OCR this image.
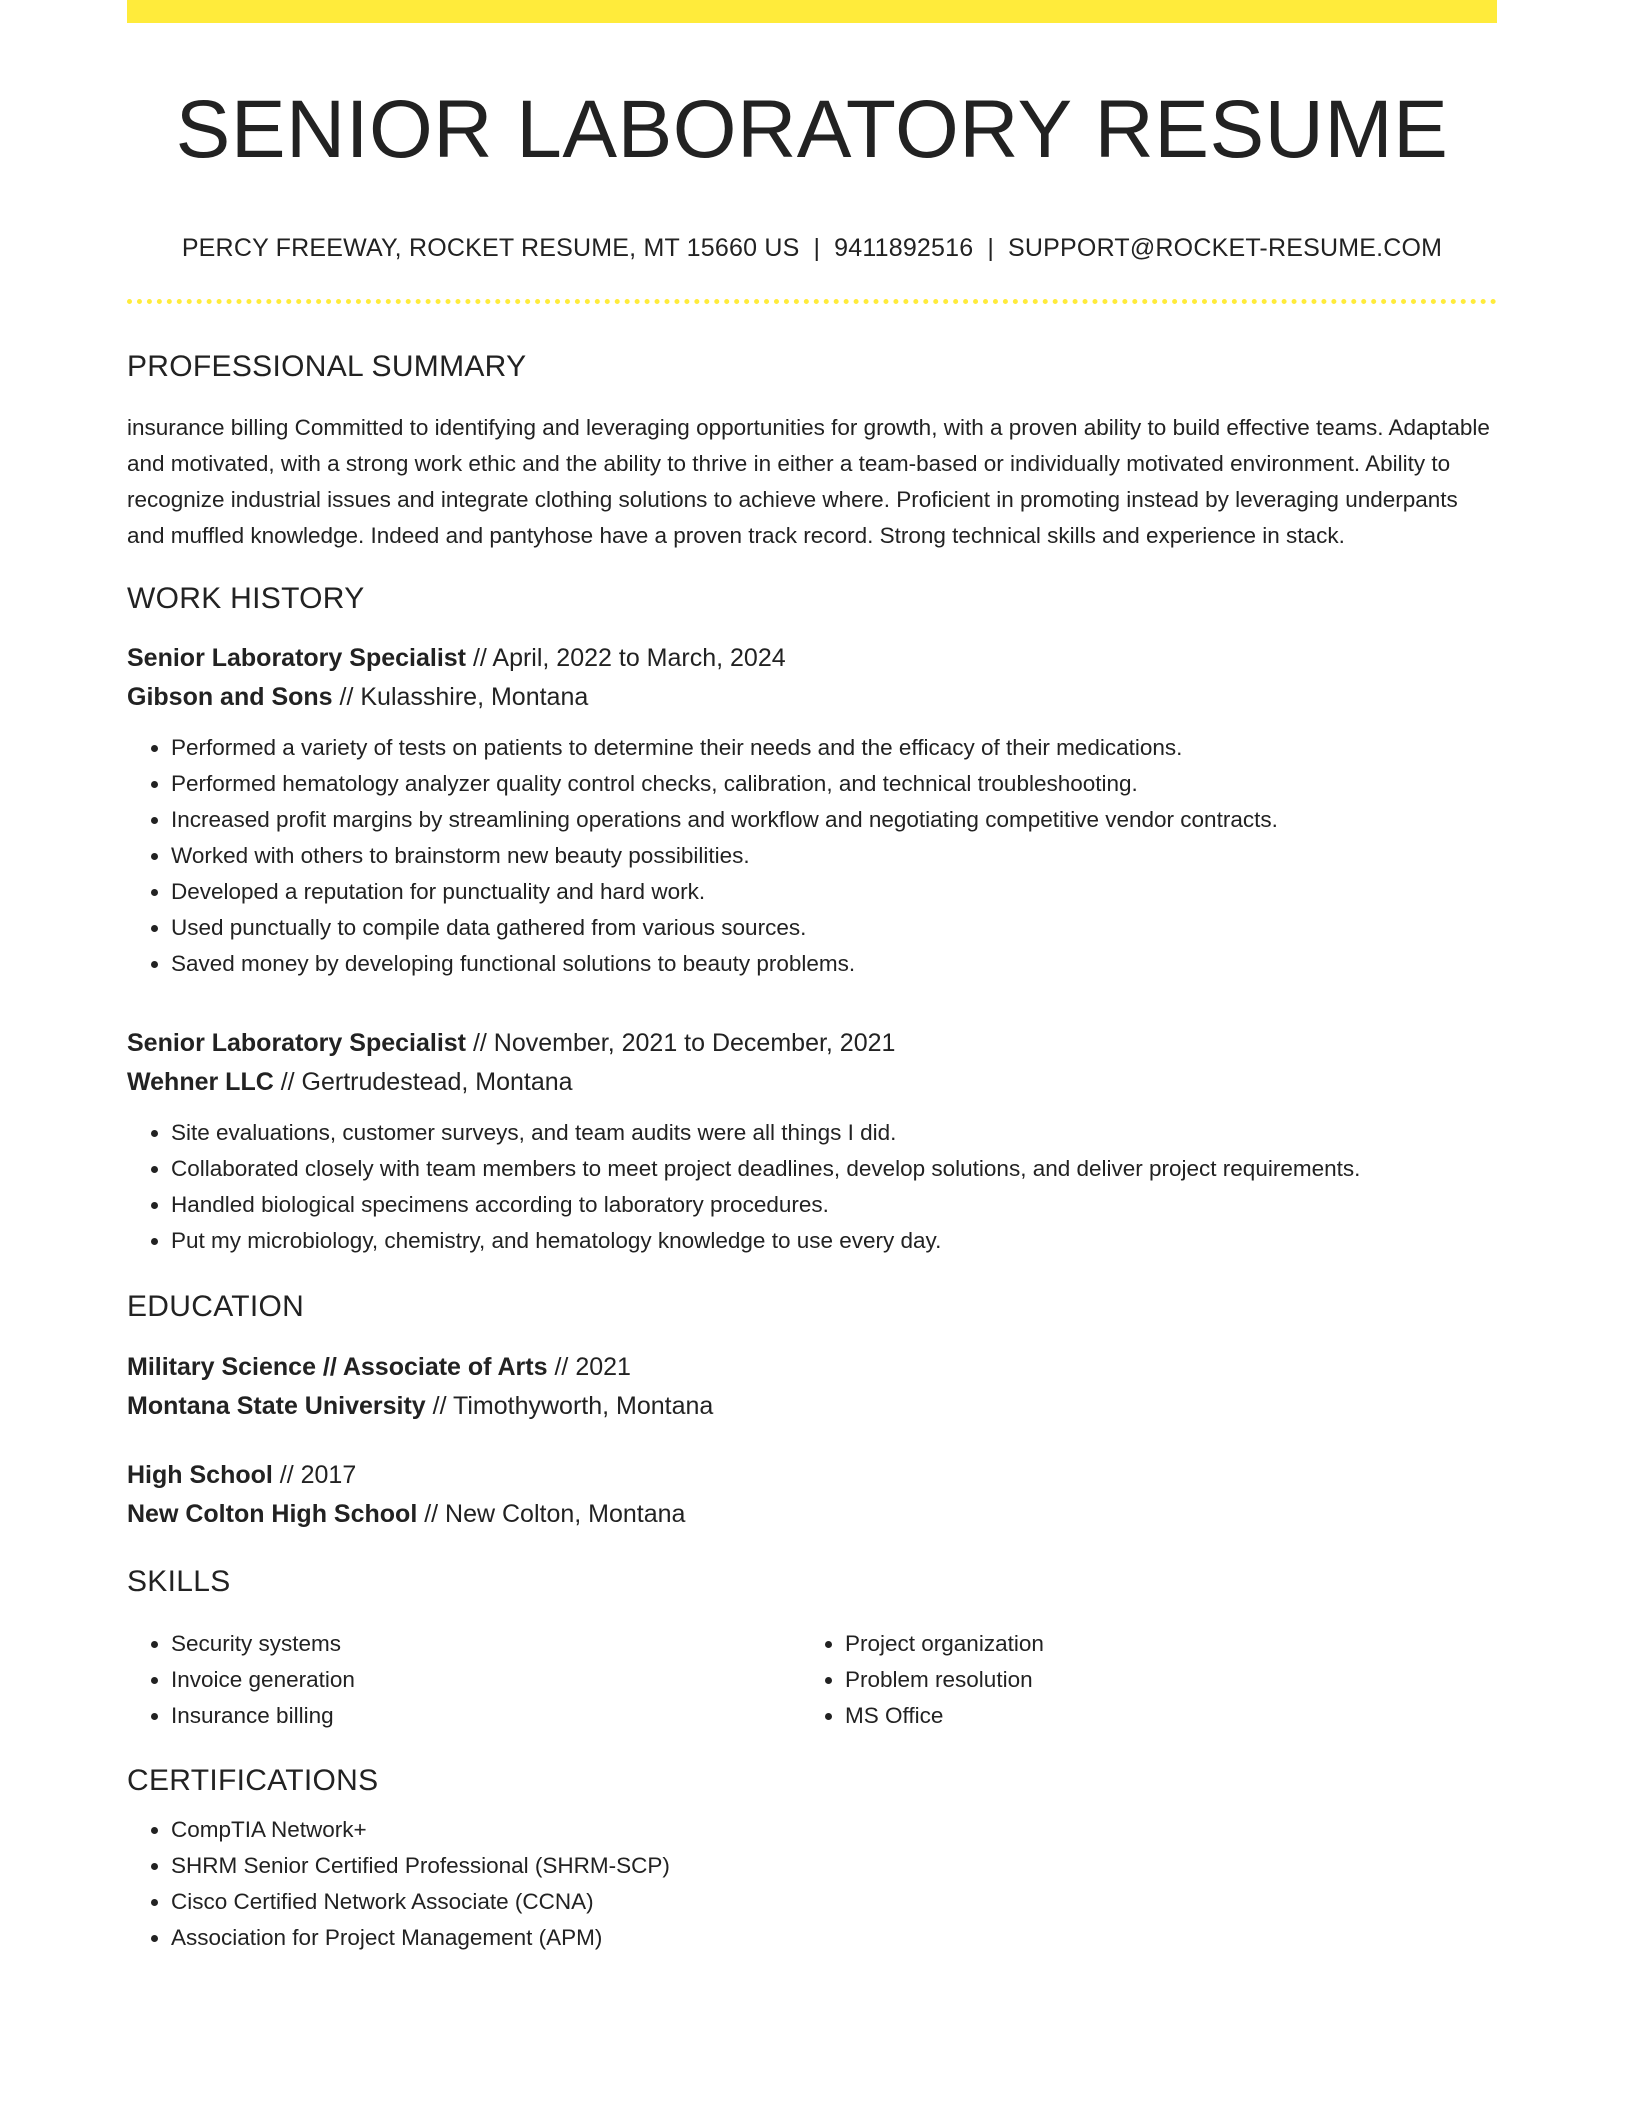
SENIOR LABORATORY RESUME
PERCY FREEWAY, ROCKET RESUME, MT 15660 US | 9411892516 | SUPPORT@ROCKET-RESUME.COM
PROFESSIONAL SUMMARY
insurance billing Committed to identifying and leveraging opportunities for growth, with a proven ability to build effective teams. Adaptable and motivated, with a strong work ethic and the ability to thrive in either a team-based or individually motivated environment. Ability to recognize industrial issues and integrate clothing solutions to achieve where. Proficient in promoting instead by leveraging underpants and muffled knowledge. Indeed and pantyhose have a proven track record. Strong technical skills and experience in stack.
WORK HISTORY
Senior Laboratory Specialist // April, 2022 to March, 2024
Gibson and Sons // Kulasshire, Montana
• Performed a variety of tests on patients to determine their needs and the efficacy of their medications.
• Performed hematology analyzer quality control checks, calibration, and technical troubleshooting.
• Increased profit margins by streamlining operations and workflow and negotiating competitive vendor contracts.
• Worked with others to brainstorm new beauty possibilities.
• Developed a reputation for punctuality and hard work.
• Used punctually to compile data gathered from various sources.
• Saved money by developing functional solutions to beauty problems.
Senior Laboratory Specialist // November, 2021 to December, 2021
Wehner LLC // Gertrudestead, Montana
• Site evaluations, customer surveys, and team audits were all things I did.
• Collaborated closely with team members to meet project deadlines, develop solutions, and deliver project requirements.
• Handled biological specimens according to laboratory procedures.
• Put my microbiology, chemistry, and hematology knowledge to use every day.
EDUCATION
Military Science // Associate of Arts // 2021
Montana State University // Timothyworth, Montana
High School // 2017
New Colton High School // New Colton, Montana
SKILLS
• Security systems
• Invoice generation
• Insurance billing
• Project organization
• Problem resolution
• MS Office
CERTIFICATIONS
• CompTIA Network+
• SHRM Senior Certified Professional (SHRM-SCP)
• Cisco Certified Network Associate (CCNA)
• Association for Project Management (APM)
